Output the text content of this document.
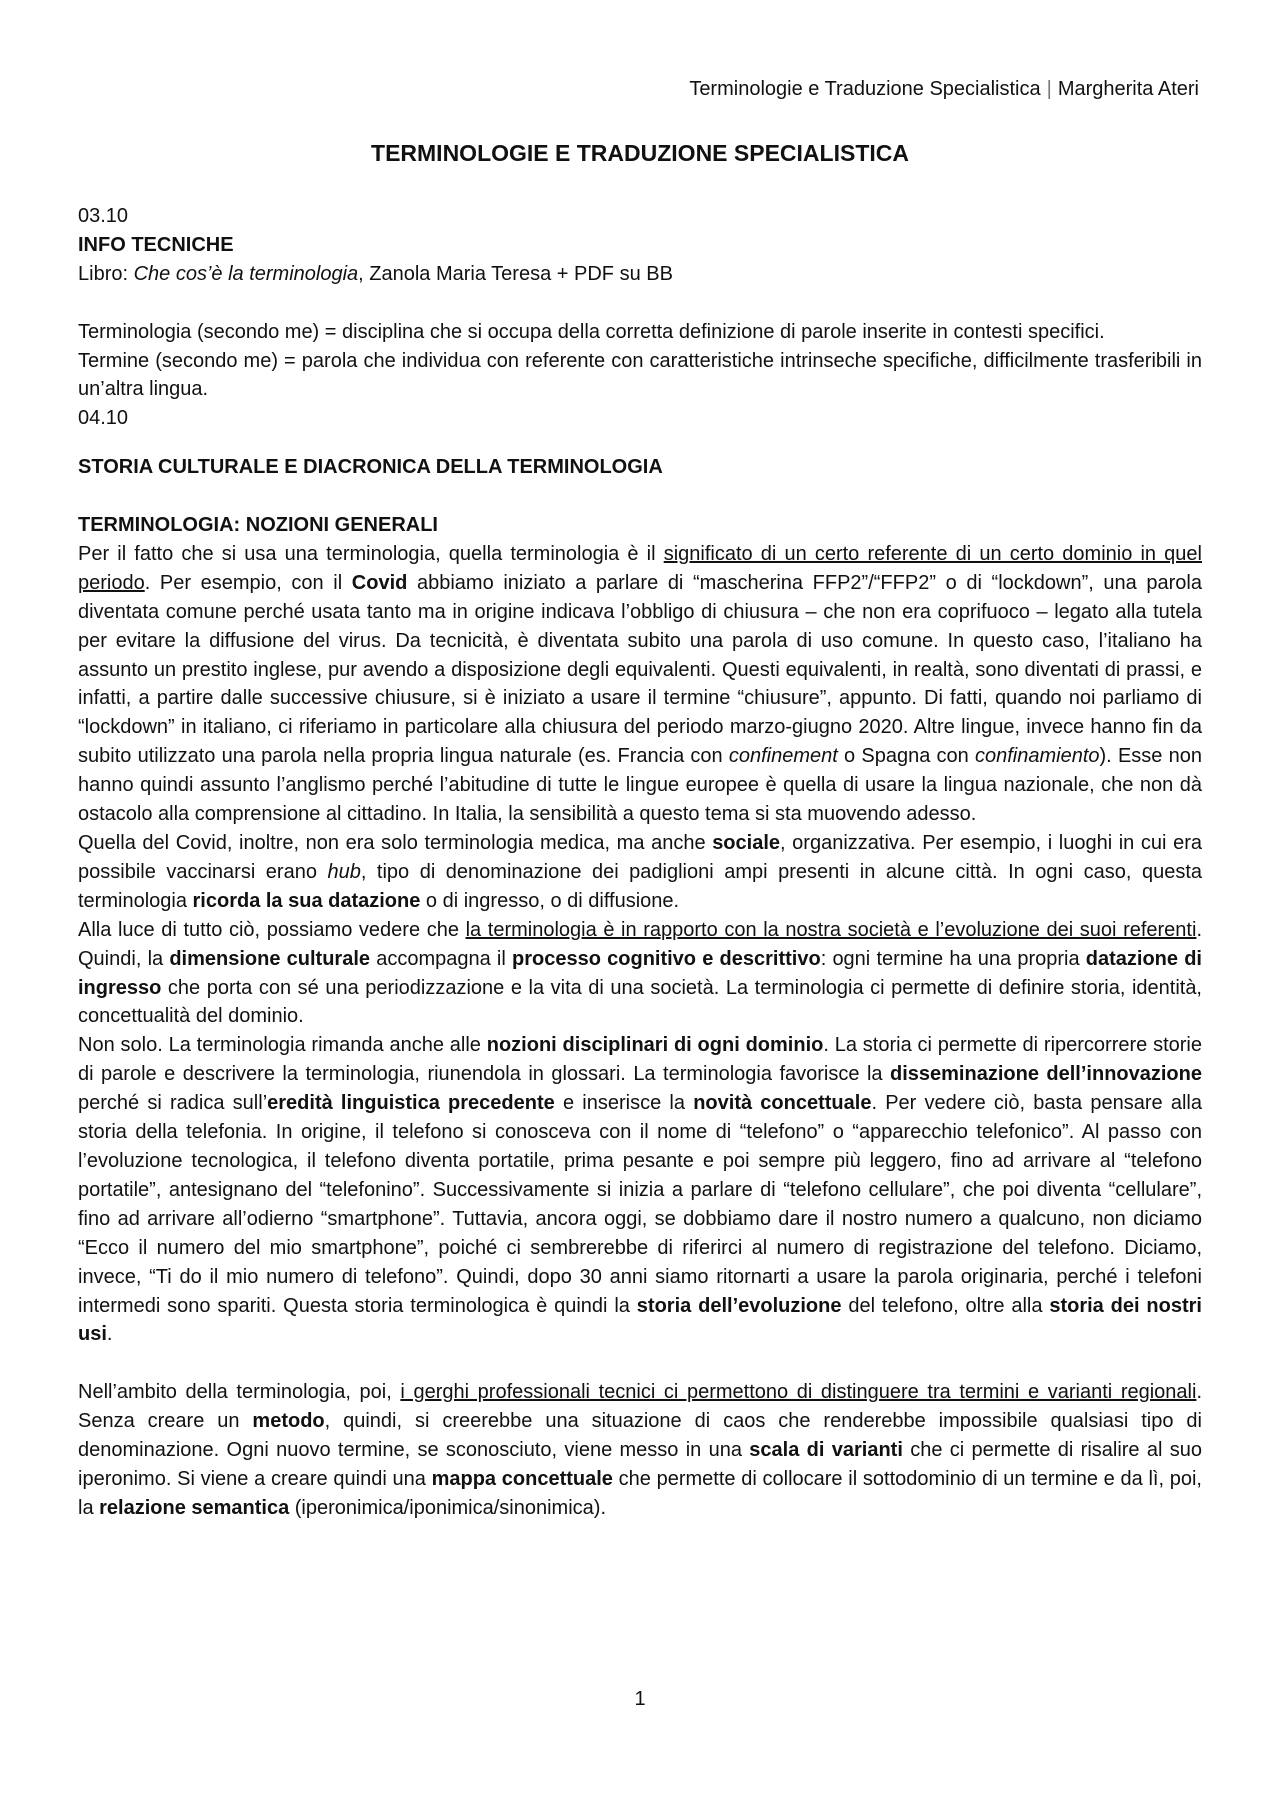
Terminologie e Traduzione Specialistica | Margherita Ateri
TERMINOLOGIE E TRADUZIONE SPECIALISTICA

03.10

INFO TECNICHE

Libro: Che cos’è la terminologia, Zanola Maria Teresa + PDF su BB

Terminologia (secondo me) = disciplina che si occupa della corretta definizione di parole inserite in contesti specifici.

Termine (secondo me) = parola che individua con referente con caratteristiche intrinseche specifiche, difficilmente trasferibili in un’altra lingua.

04.10

STORIA CULTURALE E DIACRONICA DELLA TERMINOLOGIA

TERMINOLOGIA: NOZIONI GENERALI

Per il fatto che si usa una terminologia, quella terminologia è il significato di un certo referente di un certo dominio in quel periodo. Per esempio, con il Covid abbiamo iniziato a parlare di “mascherina FFP2”/“FFP2” o di “lockdown”, una parola diventata comune perché usata tanto ma in origine indicava l’obbligo di chiusura – che non era coprifuoco – legato alla tutela per evitare la diffusione del virus. Da tecnicità, è diventata subito una parola di uso comune. In questo caso, l’italiano ha assunto un prestito inglese, pur avendo a disposizione degli equivalenti. Questi equivalenti, in realtà, sono diventati di prassi, e infatti, a partire dalle successive chiusure, si è iniziato a usare il termine “chiusure”, appunto. Di fatti, quando noi parliamo di “lockdown” in italiano, ci riferiamo in particolare alla chiusura del periodo marzo-giugno 2020. Altre lingue, invece hanno fin da subito utilizzato una parola nella propria lingua naturale (es. Francia con confinement o Spagna con confinamiento). Esse non hanno quindi assunto l’anglismo perché l’abitudine di tutte le lingue europee è quella di usare la lingua nazionale, che non dà ostacolo alla comprensione al cittadino. In Italia, la sensibilità a questo tema si sta muovendo adesso.

Quella del Covid, inoltre, non era solo terminologia medica, ma anche sociale, organizzativa. Per esempio, i luoghi in cui era possibile vaccinarsi erano hub, tipo di denominazione dei padiglioni ampi presenti in alcune città. In ogni caso, questa terminologia ricorda la sua datazione o di ingresso, o di diffusione.

Alla luce di tutto ciò, possiamo vedere che la terminologia è in rapporto con la nostra società e l’evoluzione dei suoi referenti. Quindi, la dimensione culturale accompagna il processo cognitivo e descrittivo: ogni termine ha una propria datazione di ingresso che porta con sé una periodizzazione e la vita di una società. La terminologia ci permette di definire storia, identità, concettualità del dominio.

Non solo. La terminologia rimanda anche alle nozioni disciplinari di ogni dominio. La storia ci permette di ripercorrere storie di parole e descrivere la terminologia, riunendola in glossari. La terminologia favorisce la disseminazione dell’innovazione perché si radica sull’eredità linguistica precedente e inserisce la novità concettuale. Per vedere ciò, basta pensare alla storia della telefonia. In origine, il telefono si conosceva con il nome di “telefono” o “apparecchio telefonico”. Al passo con l’evoluzione tecnologica, il telefono diventa portatile, prima pesante e poi sempre più leggero, fino ad arrivare al “telefono portatile”, antesignano del “telefonino”. Successivamente si inizia a parlare di “telefono cellulare”, che poi diventa “cellulare”, fino ad arrivare all’odierno “smartphone”. Tuttavia, ancora oggi, se dobbiamo dare il nostro numero a qualcuno, non diciamo “Ecco il numero del mio smartphone”, poiché ci sembrerebbe di riferirci al numero di registrazione del telefono. Diciamo, invece, “Ti do il mio numero di telefono”. Quindi, dopo 30 anni siamo ritornarti a usare la parola originaria, perché i telefoni intermedi sono spariti. Questa storia terminologica è quindi la storia dell’evoluzione del telefono, oltre alla storia dei nostri usi.

Nell’ambito della terminologia, poi, i gerghi professionali tecnici ci permettono di distinguere tra termini e varianti regionali. Senza creare un metodo, quindi, si creerebbe una situazione di caos che renderebbe impossibile qualsiasi tipo di denominazione. Ogni nuovo termine, se sconosciuto, viene messo in una scala di varianti che ci permette di risalire al suo iperonimo. Si viene a creare quindi una mappa concettuale che permette di collocare il sottodominio di un termine e da lì, poi, la relazione semantica (iperonimica/iponimica/sinonimica).

1
